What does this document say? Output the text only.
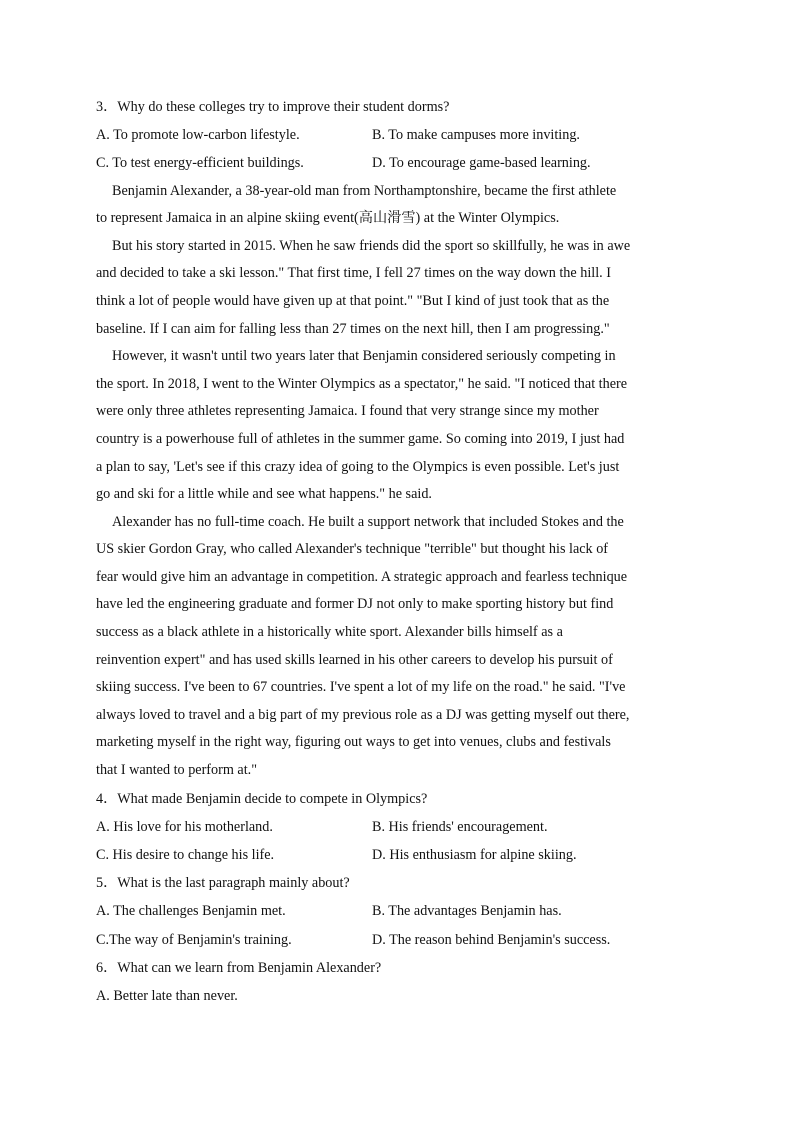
3．Why do these colleges try to improve their student dorms?
A. To promote low-carbon lifestyle.	B. To make campuses more inviting.
C. To test energy-efficient buildings.	D. To encourage game-based learning.
Benjamin Alexander, a 38-year-old man from Northamptonshire, became the first athlete
to represent Jamaica in an alpine skiing event(高山滑雪) at the Winter Olympics.
But his story started in 2015. When he saw friends did the sport so skillfully, he was in awe
and decided to take a ski lesson." That first time, I fell 27 times on the way down the hill. I
think a lot of people would have given up at that point." "But I kind of just took that as the
baseline. If I can aim for falling less than 27 times on the next hill, then I am progressing."
However, it wasn't until two years later that Benjamin considered seriously competing in
the sport. In 2018, I went to the Winter Olympics as a spectator," he said. "I noticed that there
were only three athletes representing Jamaica. I found that very strange since my mother
country is a powerhouse full of athletes in the summer game. So coming into 2019, I just had
a plan to say, 'Let's see if this crazy idea of going to the Olympics is even possible. Let's just
go and ski for a little while and see what happens." he said.
Alexander has no full-time coach. He built a support network that included Stokes and the
US skier Gordon Gray, who called Alexander's technique "terrible" but thought his lack of
fear would give him an advantage in competition. A strategic approach and fearless technique
have led the engineering graduate and former DJ not only to make sporting history but find
success as a black athlete in a historically white sport. Alexander bills himself as a
reinvention expert" and has used skills learned in his other careers to develop his pursuit of
skiing success. I've been to 67 countries. I've spent a lot of my life on the road." he said. "I've
always loved to travel and a big part of my previous role as a DJ was getting myself out there,
marketing myself in the right way, figuring out ways to get into venues, clubs and festivals
that I wanted to perform at."
4．What made Benjamin decide to compete in Olympics?
A. His love for his motherland.	B. His friends' encouragement.
C. His desire to change his life.	D. His enthusiasm for alpine skiing.
5．What is the last paragraph mainly about?
A. The challenges Benjamin met.	B. The advantages Benjamin has.
C.The way of Benjamin's training.	D. The reason behind Benjamin's success.
6．What can we learn from Benjamin Alexander?
A. Better late than never.
